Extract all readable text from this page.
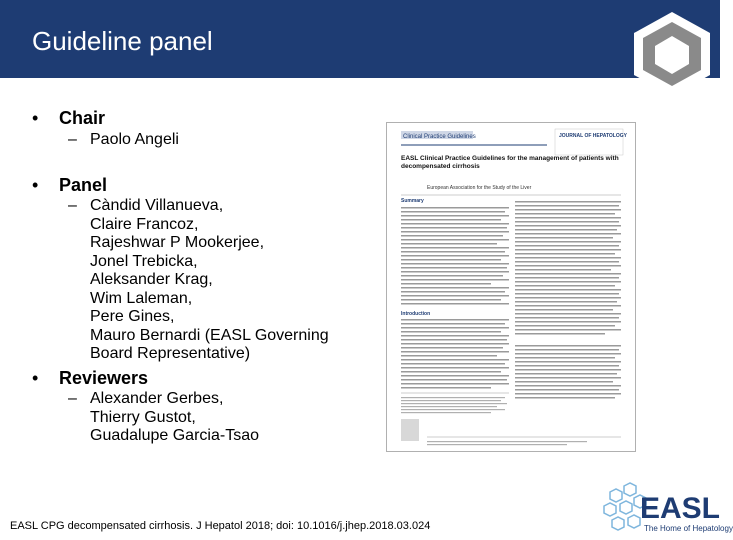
Guideline panel
• Chair
– Paolo Angeli
• Panel
– Càndid Villanueva,
Claire Francoz,
Rajeshwar P Mookerjee,
Jonel Trebicka,
Aleksander Krag,
Wim Laleman,
Pere Gines,
Mauro Bernardi (EASL Governing
Board Representative)
• Reviewers
– Alexander Gerbes,
Thierry Gustot,
Guadalupe Garcia-Tsao
Clinical Practice Guidelines	JOURNAL OF HEPATOLOGY
EASL Clinical Practice Guidelines for the management of patients with decompensated cirrhosis
European Association for the Study of the Liver
Summary
Introduction
EASL CPG decompensated cirrhosis. J Hepatol 2018; doi: 10.1016/j.jhep.2018.03.024
EASL
The Home of Hepatology
